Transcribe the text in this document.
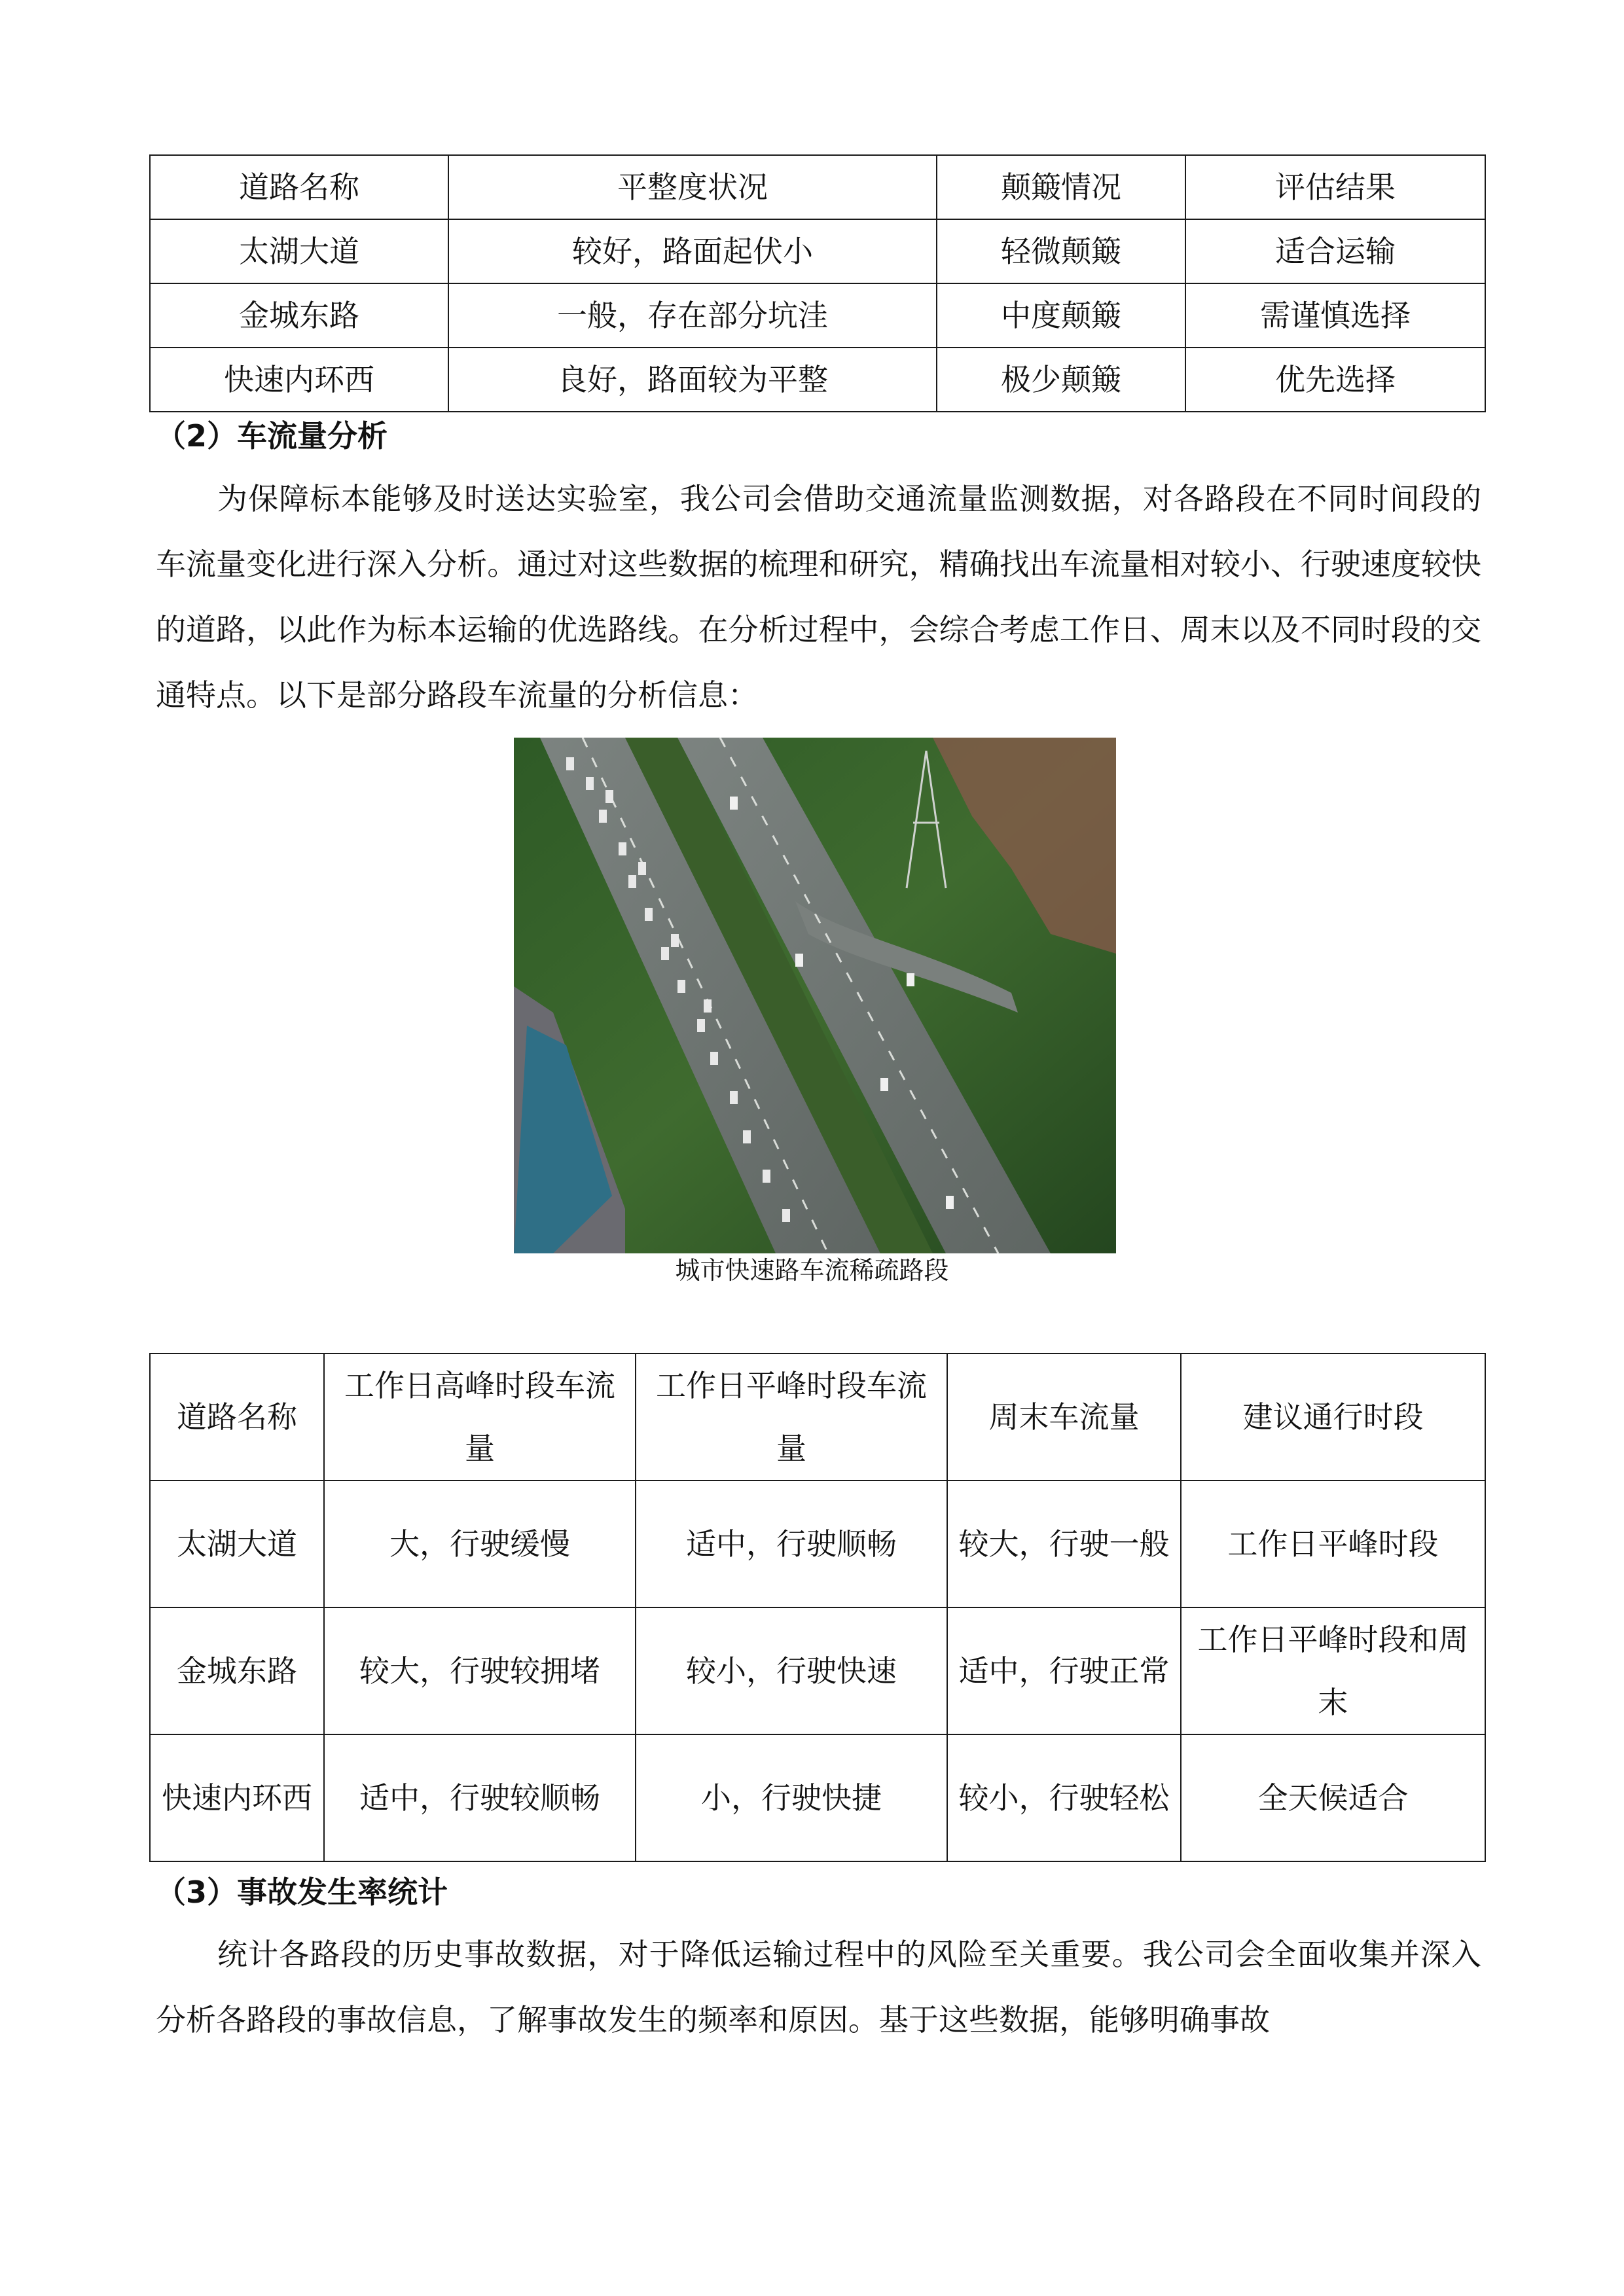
道路名称	平整度状况	颠簸情况	评估结果
太湖大道	较好，路面起伏小	轻微颠簸	适合运输
金城东路	一般，存在部分坑洼	中度颠簸	需谨慎选择
快速内环西	良好，路面较为平整	极少颠簸	优先选择
（2）车流量分析
为保障标本能够及时送达实验室，我公司会借助交通流量监测数据，对各路段在不同时间段的车流量变化进行深入分析。通过对这些数据的梳理和研究，精确找出车流量相对较小、行驶速度较快的道路，以此作为标本运输的优选路线。在分析过程中，会综合考虑工作日、周末以及不同时段的交通特点。以下是部分路段车流量的分析信息：
城市快速路车流稀疏路段
道路名称	工作日高峰时段车流量	工作日平峰时段车流量	周末车流量	建议通行时段
太湖大道	大，行驶缓慢	适中，行驶顺畅	较大，行驶一般	工作日平峰时段
金城东路	较大，行驶较拥堵	较小，行驶快速	适中，行驶正常	工作日平峰时段和周末
快速内环西	适中，行驶较顺畅	小，行驶快捷	较小，行驶轻松	全天候适合
（3）事故发生率统计
统计各路段的历史事故数据，对于降低运输过程中的风险至关重要。我公司会全面收集并深入分析各路段的事故信息，了解事故发生的频率和原因。基于这些数据，能够明确事故
